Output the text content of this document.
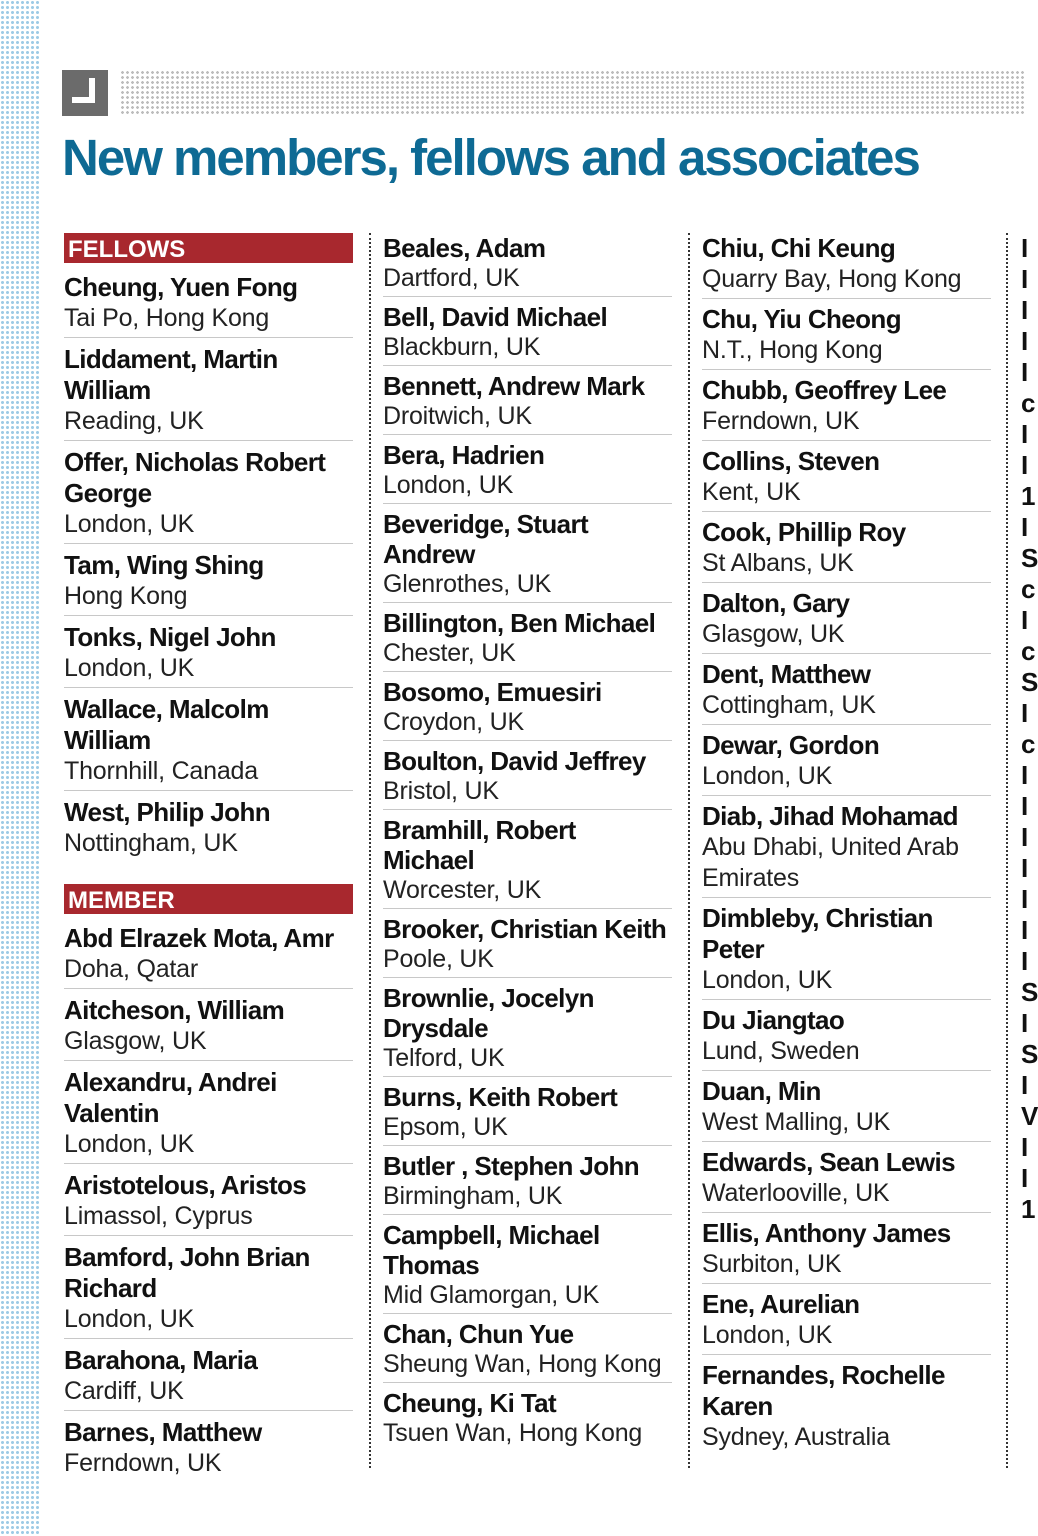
New members, fellows and associates
FELLOWS
Cheung, Yuen Fong
Tai Po, Hong Kong
Liddament, Martin William
Reading, UK
Offer, Nicholas Robert George
London, UK
Tam, Wing Shing
Hong Kong
Tonks, Nigel John
London, UK
Wallace, Malcolm William
Thornhill, Canada
West, Philip John
Nottingham, UK
MEMBER
Abd Elrazek Mota, Amr
Doha, Qatar
Aitcheson, William
Glasgow, UK
Alexandru, Andrei Valentin
London, UK
Aristotelous, Aristos
Limassol, Cyprus
Bamford, John Brian Richard
London, UK
Barahona, Maria
Cardiff, UK
Barnes, Matthew
Ferndown, UK
Beales, Adam
Dartford, UK
Bell, David Michael
Blackburn, UK
Bennett, Andrew Mark
Droitwich, UK
Bera, Hadrien
London, UK
Beveridge, Stuart Andrew
Glenrothes, UK
Billington, Ben Michael
Chester, UK
Bosomo, Emuesiri
Croydon, UK
Boulton, David Jeffrey
Bristol, UK
Bramhill, Robert Michael
Worcester, UK
Brooker, Christian Keith
Poole, UK
Brownlie, Jocelyn Drysdale
Telford, UK
Burns, Keith Robert
Epsom, UK
Butler , Stephen John
Birmingham, UK
Campbell, Michael Thomas
Mid Glamorgan, UK
Chan, Chun Yue
Sheung Wan, Hong Kong
Cheung, Ki Tat
Tsuen Wan, Hong Kong
Chiu, Chi Keung
Quarry Bay, Hong Kong
Chu, Yiu Cheong
N.T., Hong Kong
Chubb, Geoffrey Lee
Ferndown, UK
Collins, Steven
Kent, UK
Cook, Phillip Roy
St Albans, UK
Dalton, Gary
Glasgow, UK
Dent, Matthew
Cottingham, UK
Dewar, Gordon
London, UK
Diab, Jihad Mohamad
Abu Dhabi, United Arab Emirates
Dimbleby, Christian Peter
London, UK
Du Jiangtao
Lund, Sweden
Duan, Min
West Malling, UK
Edwards, Sean Lewis
Waterlooville, UK
Ellis, Anthony James
Surbiton, UK
Ene, Aurelian
London, UK
Fernandes, Rochelle Karen
Sydney, Australia
I
I
I
I
I
c
I
I
1
I
S
c
I
c
S
I
c
I
I
I
I
I
I
I
S
I
S
I
V
I
I
1
